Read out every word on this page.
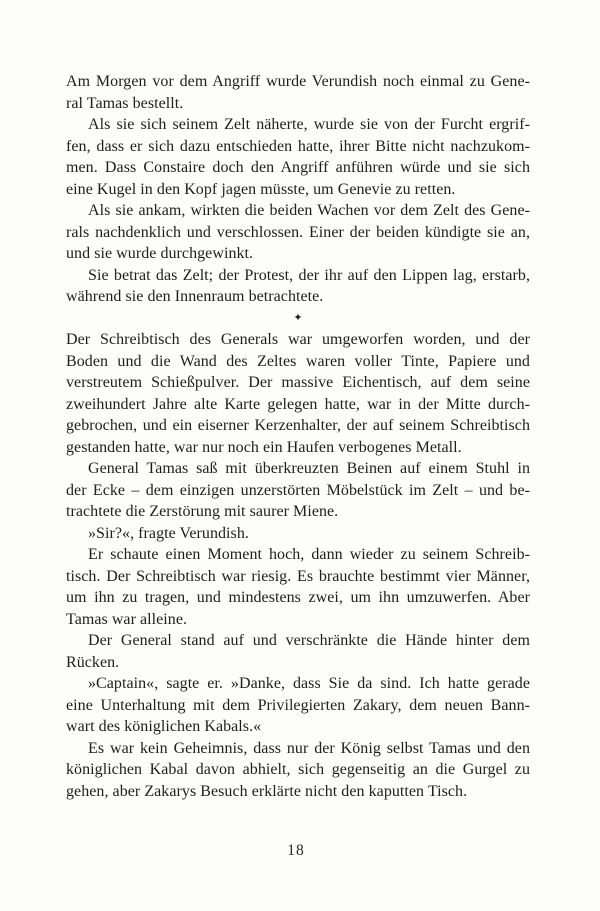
Am Morgen vor dem Angriff wurde Verundish noch einmal zu Gene-
ral Tamas bestellt.
Als sie sich seinem Zelt näherte, wurde sie von der Furcht ergrif-
fen, dass er sich dazu entschieden hatte, ihrer Bitte nicht nachzukom-
men. Dass Constaire doch den Angriff anführen würde und sie sich
eine Kugel in den Kopf jagen müsste, um Genevie zu retten.
Als sie ankam, wirkten die beiden Wachen vor dem Zelt des Gene-
rals nachdenklich und verschlossen. Einer der beiden kündigte sie an,
und sie wurde durchgewinkt.
Sie betrat das Zelt; der Protest, der ihr auf den Lippen lag, erstarb,
während sie den Innenraum betrachtete.
✦
Der Schreibtisch des Generals war umgeworfen worden, und der
Boden und die Wand des Zeltes waren voller Tinte, Papiere und
verstreutem Schießpulver. Der massive Eichentisch, auf dem seine
zweihundert Jahre alte Karte gelegen hatte, war in der Mitte durch-
gebrochen, und ein eiserner Kerzenhalter, der auf seinem Schreibtisch
gestanden hatte, war nur noch ein Haufen verbogenes Metall.
General Tamas saß mit überkreuzten Beinen auf einem Stuhl in
der Ecke – dem einzigen unzerstörten Möbelstück im Zelt – und be-
trachtete die Zerstörung mit saurer Miene.
»Sir?«, fragte Verundish.
Er schaute einen Moment hoch, dann wieder zu seinem Schreib-
tisch. Der Schreibtisch war riesig. Es brauchte bestimmt vier Männer,
um ihn zu tragen, und mindestens zwei, um ihn umzuwerfen. Aber
Tamas war alleine.
Der General stand auf und verschränkte die Hände hinter dem
Rücken.
»Captain«, sagte er. »Danke, dass Sie da sind. Ich hatte gerade
eine Unterhaltung mit dem Privilegierten Zakary, dem neuen Bann-
wart des königlichen Kabals.«
Es war kein Geheimnis, dass nur der König selbst Tamas und den
königlichen Kabal davon abhielt, sich gegenseitig an die Gurgel zu
gehen, aber Zakarys Besuch erklärte nicht den kaputten Tisch.
18
